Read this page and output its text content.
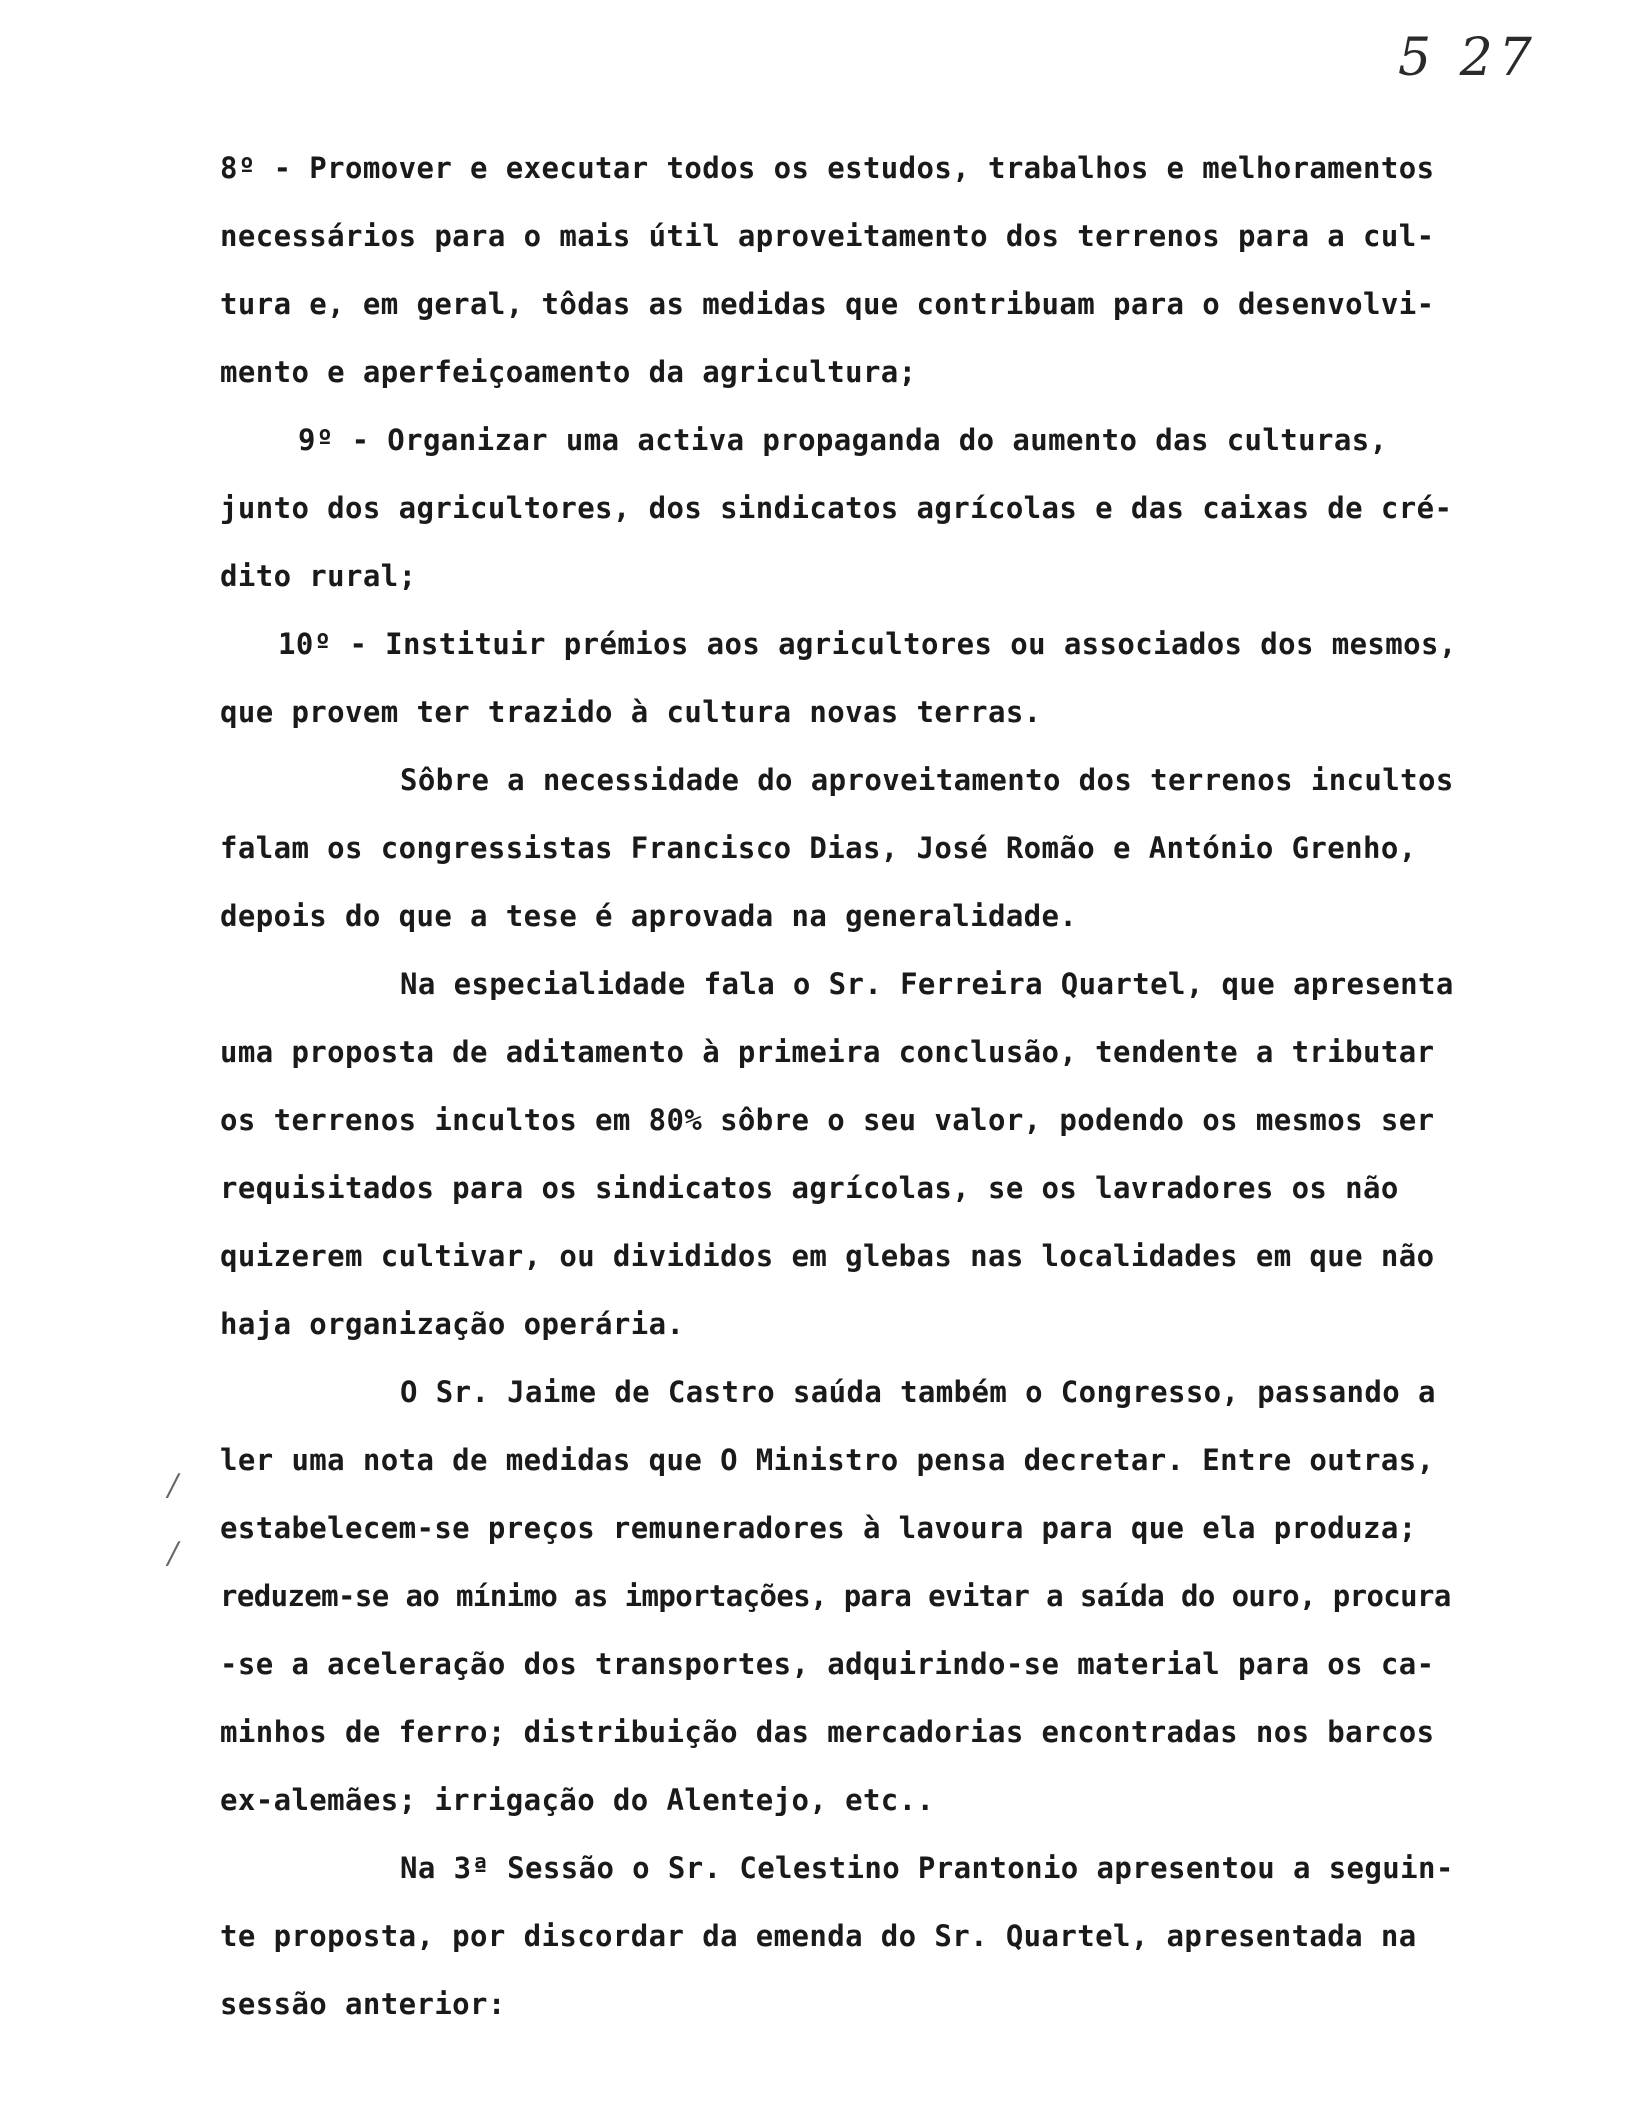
5 27
/
/
8º - Promover e executar todos os estudos, trabalhos e melhoramentos
necessários para o mais útil aproveitamento dos terrenos para a cul-
tura e, em geral, tôdas as medidas que contribuam para o desenvolvi-
mento e aperfeiçoamento da agricultura;
9º - Organizar uma activa propaganda do aumento das culturas,
junto dos agricultores, dos sindicatos agrícolas e das caixas de cré-
dito rural;
10º - Instituir prémios aos agricultores ou associados dos mesmos,
que provem ter trazido à cultura novas terras.
Sôbre a necessidade do aproveitamento dos terrenos incultos
falam os congressistas Francisco Dias, José Romão e António Grenho,
depois do que a tese é aprovada na generalidade.
Na especialidade fala o Sr. Ferreira Quartel, que apresenta
uma proposta de aditamento à primeira conclusão, tendente a tributar
os terrenos incultos em 80% sôbre o seu valor, podendo os mesmos ser
requisitados para os sindicatos agrícolas, se os lavradores os não
quizerem cultivar, ou divididos em glebas nas localidades em que não
haja organização operária.
O Sr. Jaime de Castro saúda também o Congresso, passando a
ler uma nota de medidas que O Ministro pensa decretar. Entre outras,
estabelecem-se preços remuneradores à lavoura para que ela produza;
reduzem-se ao mínimo as importações, para evitar a saída do ouro, procura
-se a aceleração dos transportes, adquirindo-se material para os ca-
minhos de ferro; distribuição das mercadorias encontradas nos barcos
ex-alemães; irrigação do Alentejo, etc..
Na 3ª Sessão o Sr. Celestino Prantonio apresentou a seguin-
te proposta, por discordar da emenda do Sr. Quartel, apresentada na
sessão anterior:
